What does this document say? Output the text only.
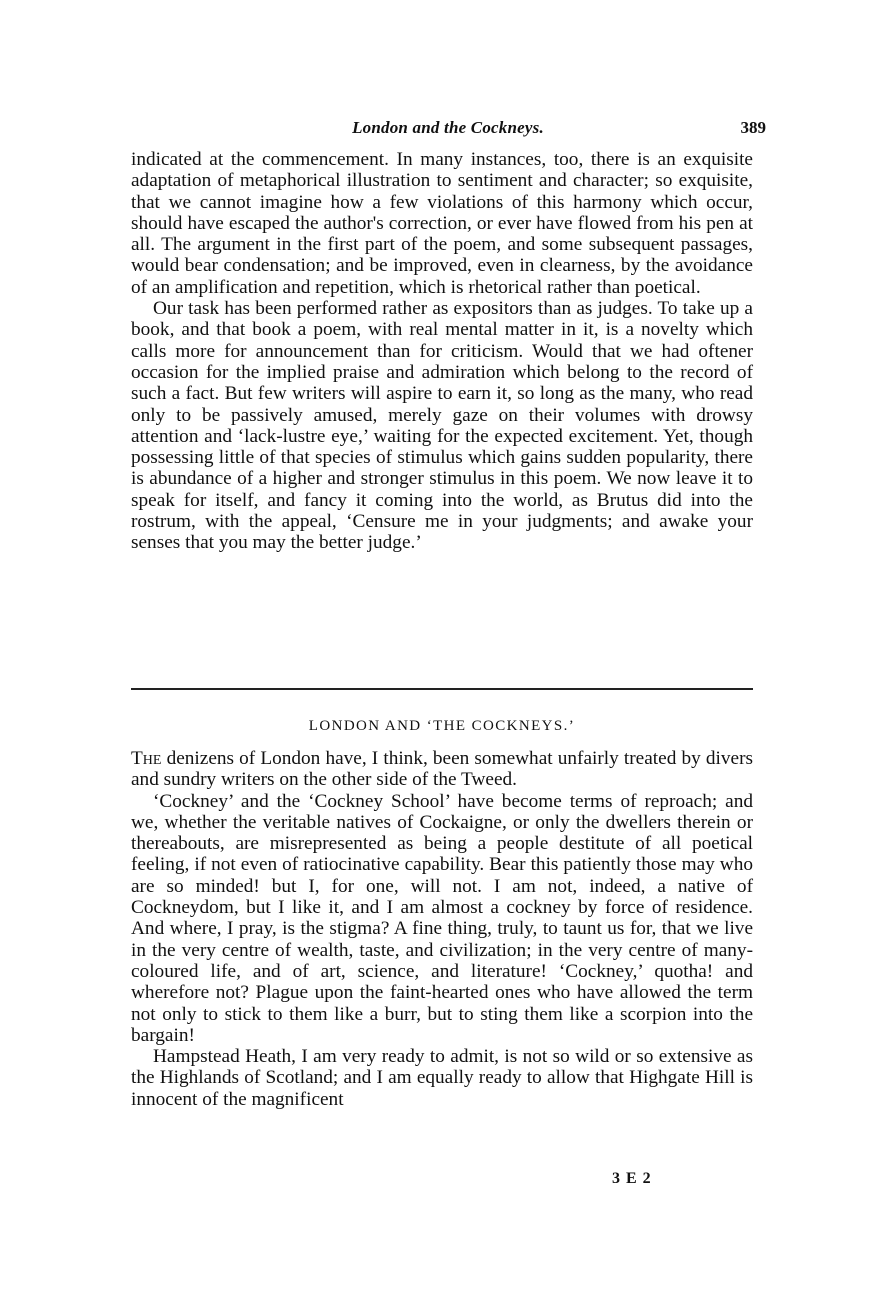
London and the Cockneys.	389

indicated at the commencement. In many instances, too, there is an exquisite adaptation of metaphorical illustration to sentiment and character; so exquisite, that we cannot imagine how a few violations of this harmony which occur, should have escaped the author's correction, or ever have flowed from his pen at all. The argument in the first part of the poem, and some subsequent passages, would bear condensation; and be improved, even in clearness, by the avoidance of an amplification and repetition, which is rhetorical rather than poetical.

Our task has been performed rather as expositors than as judges. To take up a book, and that book a poem, with real mental matter in it, is a novelty which calls more for announcement than for criticism. Would that we had oftener occasion for the implied praise and admiration which belong to the record of such a fact. But few writers will aspire to earn it, so long as the many, who read only to be passively amused, merely gaze on their volumes with drowsy attention and ‘lack-lustre eye,’ waiting for the expected excitement. Yet, though possessing little of that species of stimulus which gains sudden popularity, there is abundance of a higher and stronger stimulus in this poem. We now leave it to speak for itself, and fancy it coming into the world, as Brutus did into the rostrum, with the appeal, ‘Censure me in your judgments; and awake your senses that you may the better judge.’

LONDON AND ‘THE COCKNEYS.’

The denizens of London have, I think, been somewhat unfairly treated by divers and sundry writers on the other side of the Tweed.

‘Cockney’ and the ‘Cockney School’ have become terms of reproach; and we, whether the veritable natives of Cockaigne, or only the dwellers therein or thereabouts, are misrepresented as being a people destitute of all poetical feeling, if not even of ratiocinative capability. Bear this patiently those may who are so minded! but I, for one, will not. I am not, indeed, a native of Cockneydom, but I like it, and I am almost a cockney by force of residence. And where, I pray, is the stigma? A fine thing, truly, to taunt us for, that we live in the very centre of wealth, taste, and civilization; in the very centre of many-coloured life, and of art, science, and literature! ‘Cockney,’ quotha! and wherefore not? Plague upon the faint-hearted ones who have allowed the term not only to stick to them like a burr, but to sting them like a scorpion into the bargain!

Hampstead Heath, I am very ready to admit, is not so wild or so extensive as the Highlands of Scotland; and I am equally ready to allow that Highgate Hill is innocent of the magnificent

3 E 2
